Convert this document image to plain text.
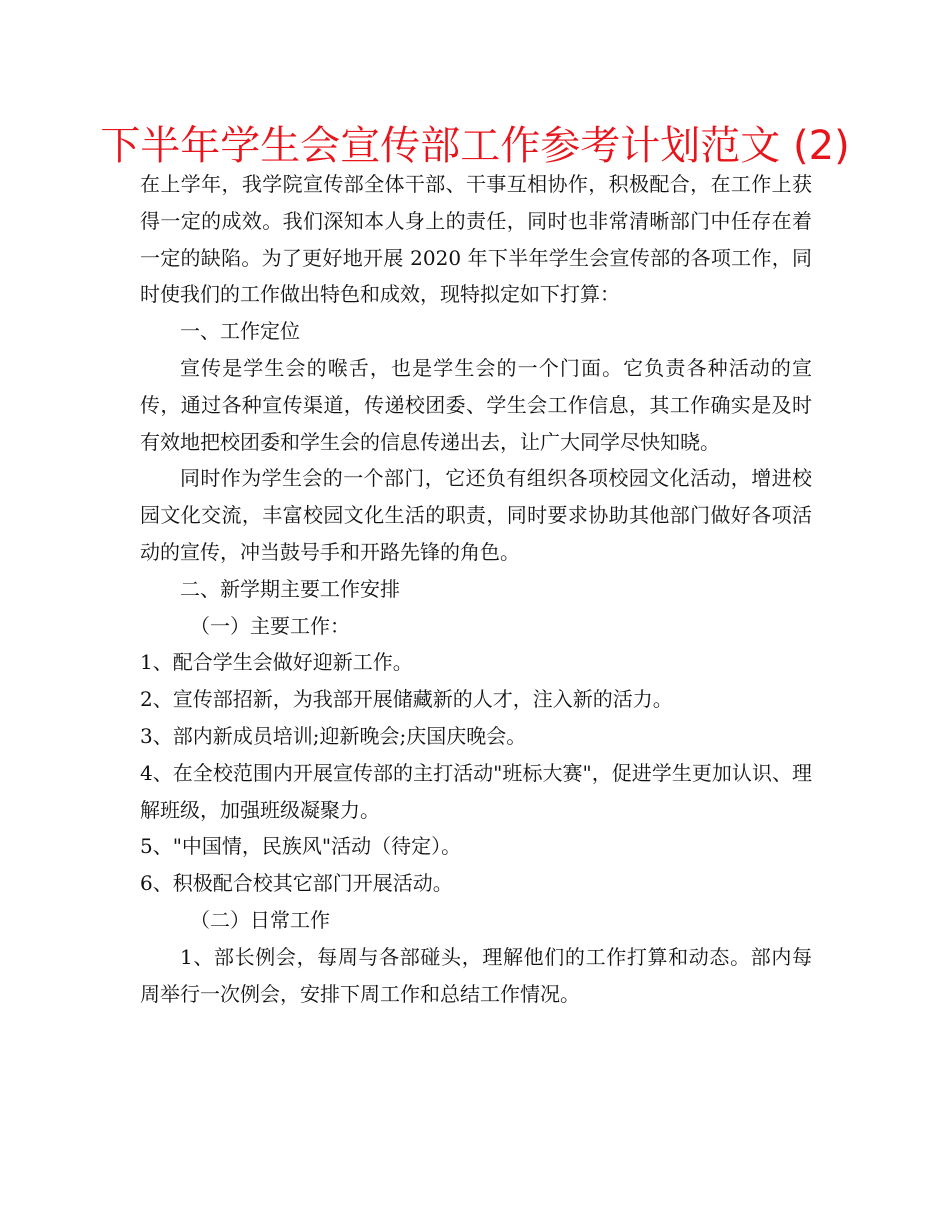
下半年学生会宣传部工作参考计划范文 (2)

在上学年，我学院宣传部全体干部、干事互相协作，积极配合，在工作上获得一定的成效。我们深知本人身上的责任，同时也非常清晰部门中任存在着一定的缺陷。为了更好地开展 2020 年下半年学生会宣传部的各项工作，同时使我们的工作做出特色和成效，现特拟定如下打算：

一、工作定位

宣传是学生会的喉舌，也是学生会的一个门面。它负责各种活动的宣传，通过各种宣传渠道，传递校团委、学生会工作信息，其工作确实是及时有效地把校团委和学生会的信息传递出去，让广大同学尽快知晓。

同时作为学生会的一个部门，它还负有组织各项校园文化活动，增进校园文化交流，丰富校园文化生活的职责，同时要求协助其他部门做好各项活动的宣传，冲当鼓号手和开路先锋的角色。

二、新学期主要工作安排

（一）主要工作：

1、配合学生会做好迎新工作。

2、宣传部招新，为我部开展储藏新的人才，注入新的活力。

3、部内新成员培训;迎新晚会;庆国庆晚会。

4、在全校范围内开展宣传部的主打活动"班标大赛"，促进学生更加认识、理解班级，加强班级凝聚力。

5、"中国情，民族风"活动（待定）。

6、积极配合校其它部门开展活动。

（二）日常工作

1、部长例会，每周与各部碰头，理解他们的工作打算和动态。部内每周举行一次例会，安排下周工作和总结工作情况。
